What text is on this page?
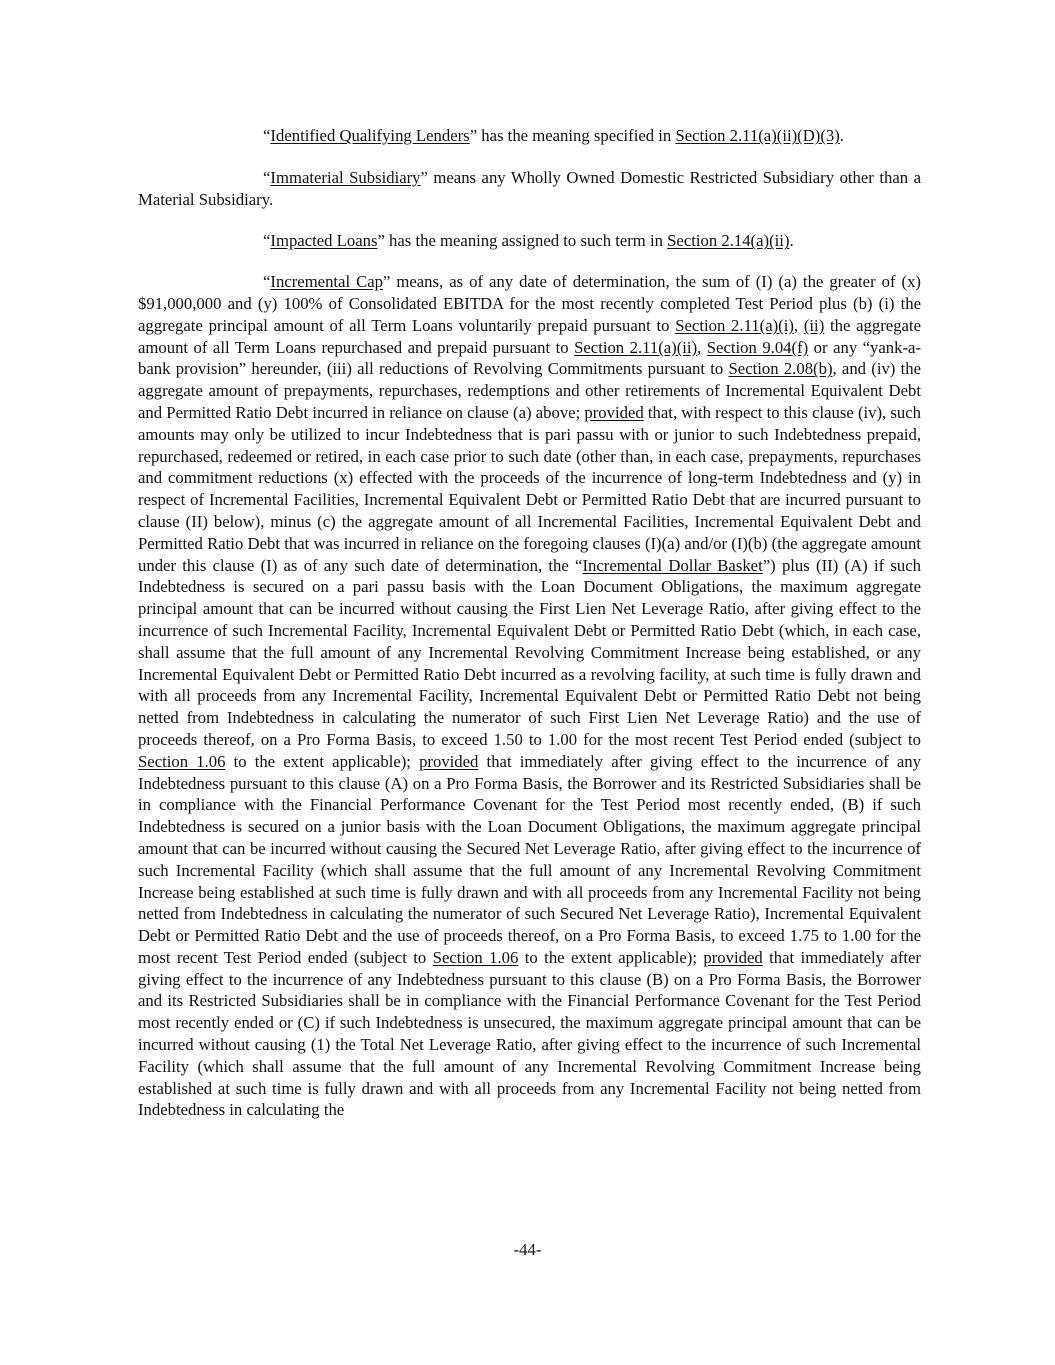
“Identified Qualifying Lenders” has the meaning specified in Section 2.11(a)(ii)(D)(3).

“Immaterial Subsidiary” means any Wholly Owned Domestic Restricted Subsidiary other than a Material Subsidiary.

“Impacted Loans” has the meaning assigned to such term in Section 2.14(a)(ii).

“Incremental Cap” means, as of any date of determination, the sum of (I) (a) the greater of (x) $91,000,000 and (y) 100% of Consolidated EBITDA for the most recently completed Test Period plus (b) (i) the aggregate principal amount of all Term Loans voluntarily prepaid pursuant to Section 2.11(a)(i), (ii) the aggregate amount of all Term Loans repurchased and prepaid pursuant to Section 2.11(a)(ii), Section 9.04(f) or any “yank-a-bank provision” hereunder, (iii) all reductions of Revolving Commitments pursuant to Section 2.08(b), and (iv) the aggregate amount of prepayments, repurchases, redemptions and other retirements of Incremental Equivalent Debt and Permitted Ratio Debt incurred in reliance on clause (a) above; provided that, with respect to this clause (iv), such amounts may only be utilized to incur Indebtedness that is pari passu with or junior to such Indebtedness prepaid, repurchased, redeemed or retired, in each case prior to such date (other than, in each case, prepayments, repurchases and commitment reductions (x) effected with the proceeds of the incurrence of long-term Indebtedness and (y) in respect of Incremental Facilities, Incremental Equivalent Debt or Permitted Ratio Debt that are incurred pursuant to clause (II) below), minus (c) the aggregate amount of all Incremental Facilities, Incremental Equivalent Debt and Permitted Ratio Debt that was incurred in reliance on the foregoing clauses (I)(a) and/or (I)(b) (the aggregate amount under this clause (I) as of any such date of determination, the “Incremental Dollar Basket”) plus (II) (A) if such Indebtedness is secured on a pari passu basis with the Loan Document Obligations, the maximum aggregate principal amount that can be incurred without causing the First Lien Net Leverage Ratio, after giving effect to the incurrence of such Incremental Facility, Incremental Equivalent Debt or Permitted Ratio Debt (which, in each case, shall assume that the full amount of any Incremental Revolving Commitment Increase being established, or any Incremental Equivalent Debt or Permitted Ratio Debt incurred as a revolving facility, at such time is fully drawn and with all proceeds from any Incremental Facility, Incremental Equivalent Debt or Permitted Ratio Debt not being netted from Indebtedness in calculating the numerator of such First Lien Net Leverage Ratio) and the use of proceeds thereof, on a Pro Forma Basis, to exceed 1.50 to 1.00 for the most recent Test Period ended (subject to Section 1.06 to the extent applicable); provided that immediately after giving effect to the incurrence of any Indebtedness pursuant to this clause (A) on a Pro Forma Basis, the Borrower and its Restricted Subsidiaries shall be in compliance with the Financial Performance Covenant for the Test Period most recently ended, (B) if such Indebtedness is secured on a junior basis with the Loan Document Obligations, the maximum aggregate principal amount that can be incurred without causing the Secured Net Leverage Ratio, after giving effect to the incurrence of such Incremental Facility (which shall assume that the full amount of any Incremental Revolving Commitment Increase being established at such time is fully drawn and with all proceeds from any Incremental Facility not being netted from Indebtedness in calculating the numerator of such Secured Net Leverage Ratio), Incremental Equivalent Debt or Permitted Ratio Debt and the use of proceeds thereof, on a Pro Forma Basis, to exceed 1.75 to 1.00 for the most recent Test Period ended (subject to Section 1.06 to the extent applicable); provided that immediately after giving effect to the incurrence of any Indebtedness pursuant to this clause (B) on a Pro Forma Basis, the Borrower and its Restricted Subsidiaries shall be in compliance with the Financial Performance Covenant for the Test Period most recently ended or (C) if such Indebtedness is unsecured, the maximum aggregate principal amount that can be incurred without causing (1) the Total Net Leverage Ratio, after giving effect to the incurrence of such Incremental Facility (which shall assume that the full amount of any Incremental Revolving Commitment Increase being established at such time is fully drawn and with all proceeds from any Incremental Facility not being netted from Indebtedness in calculating the

-44-
